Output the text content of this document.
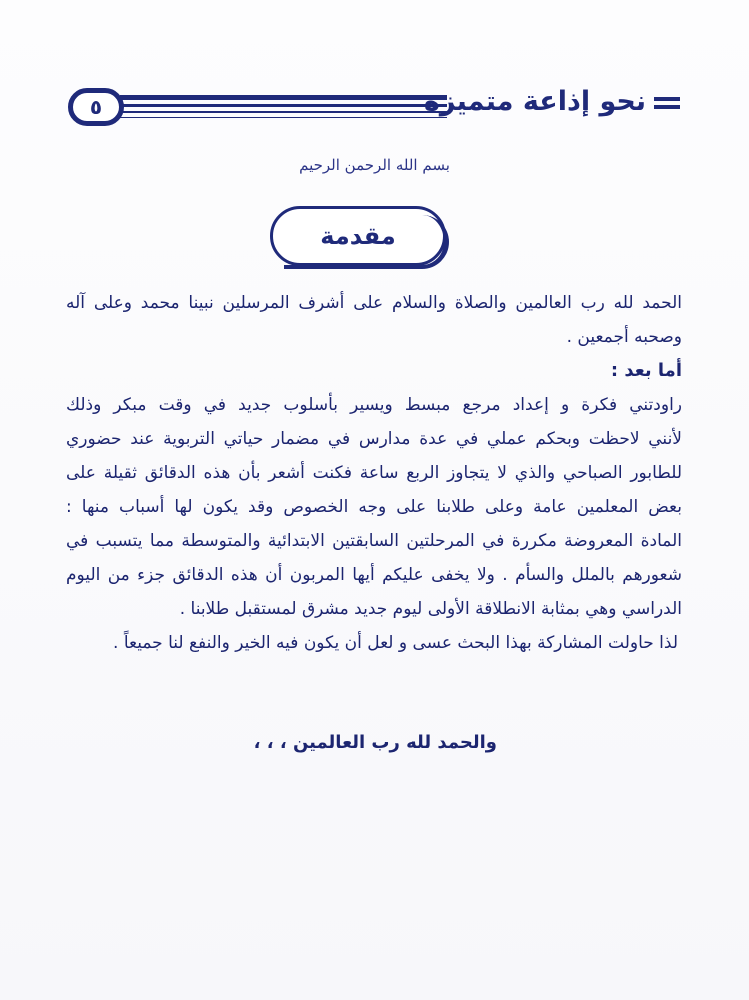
٥	نحو إذاعة متميزة
بسم الله الرحمن الرحيم
مقدمة
الحمد لله رب العالمين والصلاة والسلام على أشرف المرسلين نبينا محمد وعلى آله
وصحبه أجمعين .
أما بعد :
راودتني فكرة و إعداد مرجع مبسط ويسير بأسلوب جديد في وقت مبكر وذلك
لأنني لاحظت وبحكم عملي في عدة مدارس في مضمار حياتي التربوية عند حضوري
للطابور الصباحي والذي لا يتجاوز الربع ساعة فكنت أشعر بأن هذه الدقائق ثقيلة على
بعض المعلمين عامة وعلى طلابنا على وجه الخصوص وقد يكون لها أسباب منها :
المادة المعروضة مكررة في المرحلتين السابقتين الابتدائية والمتوسطة مما يتسبب في
شعورهم بالملل والسأم . ولا يخفى عليكم أيها المربون أن هذه الدقائق جزء من اليوم
الدراسي وهي بمثابة الانطلاقة الأولى ليوم جديد مشرق لمستقبل طلابنا .
لذا حاولت المشاركة بهذا البحث عسى و لعل أن يكون فيه الخير والنفع لنا جميعاً .
والحمد لله رب العالمين ، ، ،
